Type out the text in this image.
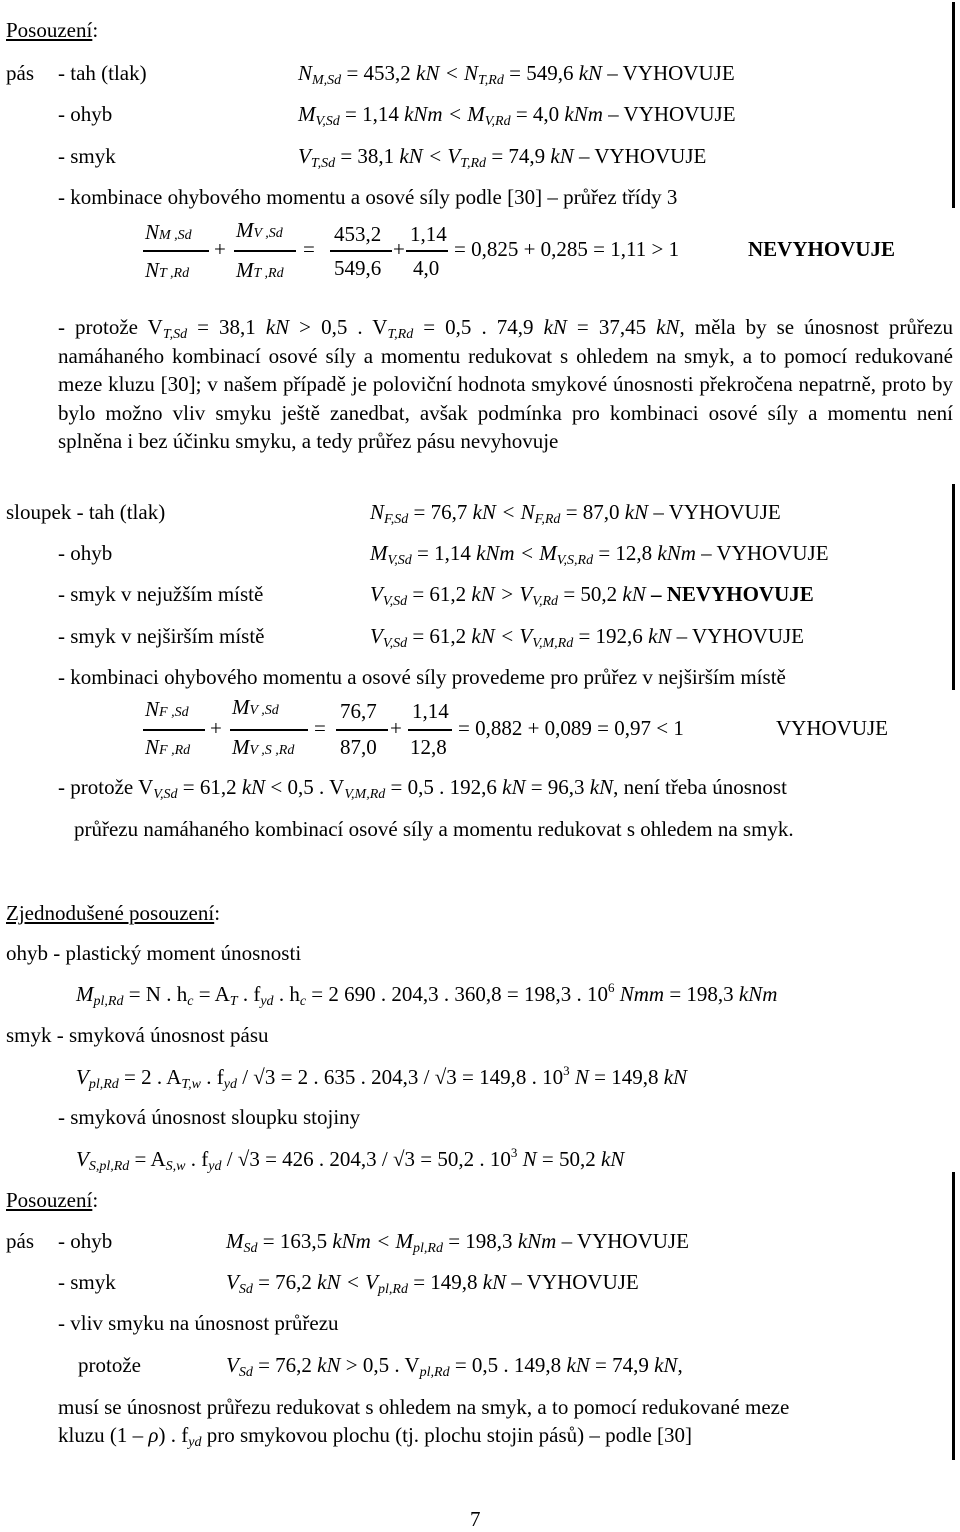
Posouzení:
pás - tah (tlak)	$N_{M,Sd} = 453,2$ kN < $N_{T,Rd} = 549,6$ kN – VYHOVUJE
- ohyb	$M_{V,Sd} = 1,14$ kNm < $M_{V,Rd} = 4,0$ kNm – VYHOVUJE
- smyk	$V_{T,Sd} = 38,1$ kN < $V_{T,Rd} = 74,9$ kN – VYHOVUJE
- kombinace ohybového momentu a osové síly podle [30] – průřez třídy 3
NM ,Sd
NT ,Rd
+
MV ,Sd
MT ,Rd
=
453,2
549,6
+
1,14
4,0
= 0,825 + 0,285 = 1,11 > 1	NEVYHOVUJE
- protože $V_{T,Sd} = 38,1$ kN > 0,5 . $V_{T,Rd} = 0,5$ . 74,9 kN = 37,45 kN, měla by se únosnost průřezu namáhaného kombinací osové síly a momentu redukovat s ohledem na smyk, a to pomocí redukované meze kluzu [30]; v našem případě je poloviční hodnota smykové únosnosti překročena nepatrně, proto by bylo možno vliv smyku ještě zanedbat, avšak podmínka pro kombinaci osové síly a momentu není splněna i bez účinku smyku, a tedy průřez pásu nevyhovuje
sloupek - tah (tlak)	$N_{F,Sd} = 76,7$ kN < $N_{F,Rd} = 87,0$ kN – VYHOVUJE
- ohyb	$M_{V,Sd} = 1,14$ kNm < $M_{V,S,Rd} = 12,8$ kNm – VYHOVUJE
- smyk v nejužším místě	$V_{V,Sd} = 61,2$ kN > $V_{V,Rd} = 50,2$ kN – NEVYHOVUJE
- smyk v nejširším místě	$V_{V,Sd} = 61,2$ kN < $V_{V,M,Rd} = 192,6$ kN – VYHOVUJE
- kombinaci ohybového momentu a osové síly provedeme pro průřez v nejširším místě
NF ,Sd
NF ,Rd
+
MV ,Sd
MV ,S ,Rd
=
76,7
87,0
+
1,14
12,8
= 0,882 + 0,089 = 0,97 < 1	VYHOVUJE
- protože $V_{V,Sd} = 61,2$ kN < 0,5 . $V_{V,M,Rd} = 0,5$ . 192,6 kN = 96,3 kN, není třeba únosnost
průřezu namáhaného kombinací osové síly a momentu redukovat s ohledem na smyk.
Zjednodušené posouzení:
ohyb - plastický moment únosnosti
$M_{pl,Rd} = N$ . $h_c = A_T$ . $f_{yd}$ . $h_c = 2$ 690 . 204,3 . 360,8 = 198,3 . $10^6$ Nmm = 198,3 kNm
smyk - smyková únosnost pásu
$V_{pl,Rd} = 2$ . $A_{T,w}$ . $f_{yd} / √3 = 2$ . 635 . 204,3 / √3 = 149,8 . $10^3$ N = 149,8 kN
- smyková únosnost sloupku stojiny
$V_{S,pl,Rd} = A_{S,w}$ . $f_{yd} / √3 = 426$ . 204,3 / √3 = 50,2 . $10^3$ N = 50,2 kN
Posouzení:
pás - ohyb	$M_{Sd} = 163,5$ kNm < $M_{pl,Rd} = 198,3$ kNm – VYHOVUJE
- smyk	$V_{Sd} = 76,2$ kN < $V_{pl,Rd} = 149,8$ kN – VYHOVUJE
- vliv smyku na únosnost průřezu
protože	$V_{Sd} = 76,2$ kN > 0,5 . $V_{pl,Rd} = 0,5$ . 149,8 kN = 74,9 kN,
musí se únosnost průřezu redukovat s ohledem na smyk, a to pomocí redukované meze
kluzu (1 – ρ) . $f_{yd}$ pro smykovou plochu (tj. plochu stojin pásů) – podle [30]
7
